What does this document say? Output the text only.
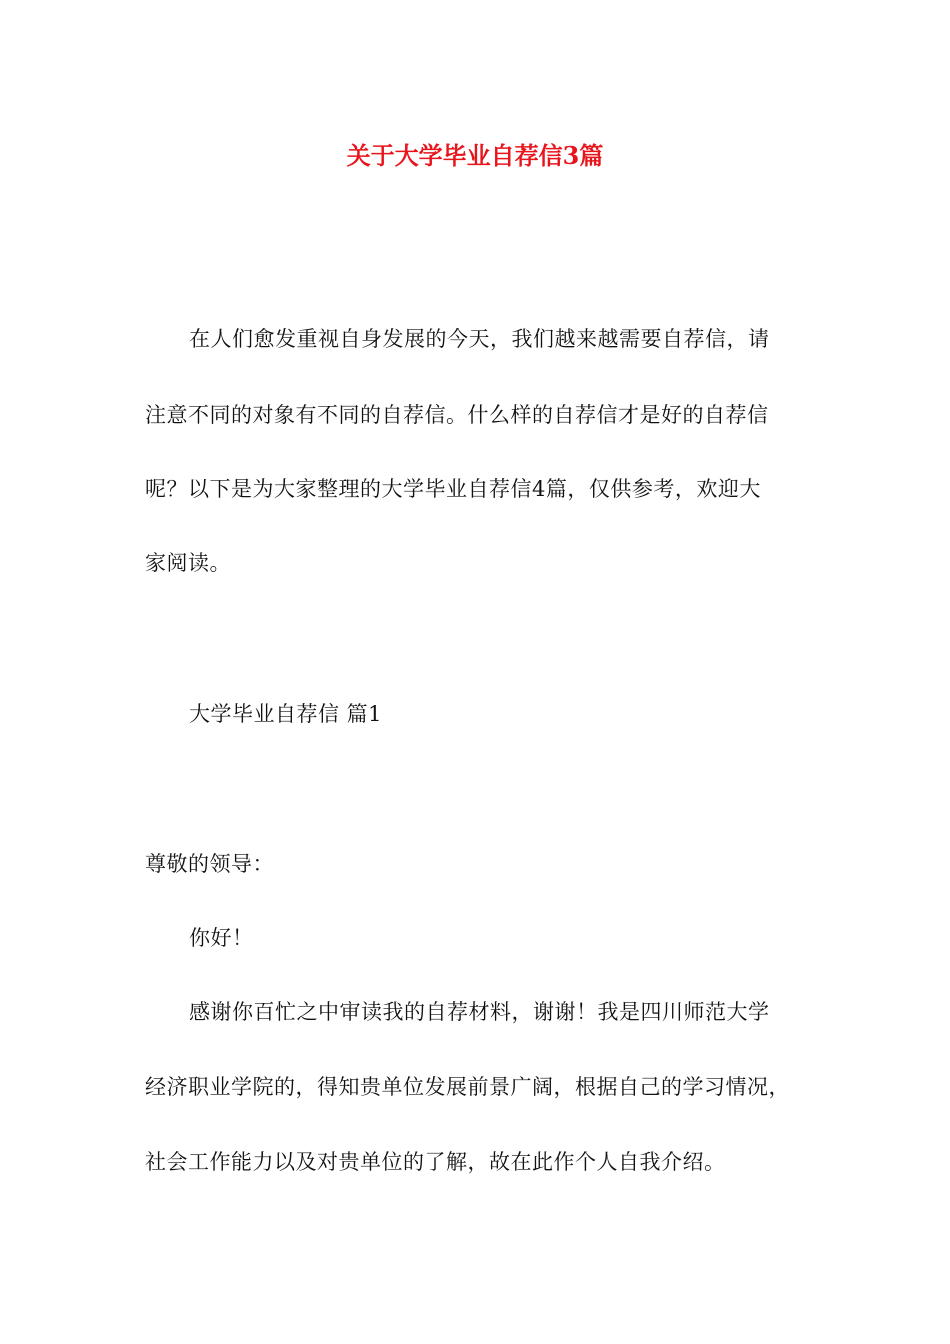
关于大学毕业自荐信3篇
在人们愈发重视自身发展的今天，我们越来越需要自荐信，请
注意不同的对象有不同的自荐信。什么样的自荐信才是好的自荐信
呢？以下是为大家整理的大学毕业自荐信4篇，仅供参考，欢迎大
家阅读。
大学毕业自荐信 篇1
尊敬的领导：
你好！
感谢你百忙之中审读我的自荐材料，谢谢！我是四川师范大学
经济职业学院的，得知贵单位发展前景广阔，根据自己的学习情况，
社会工作能力以及对贵单位的了解，故在此作个人自我介绍。
